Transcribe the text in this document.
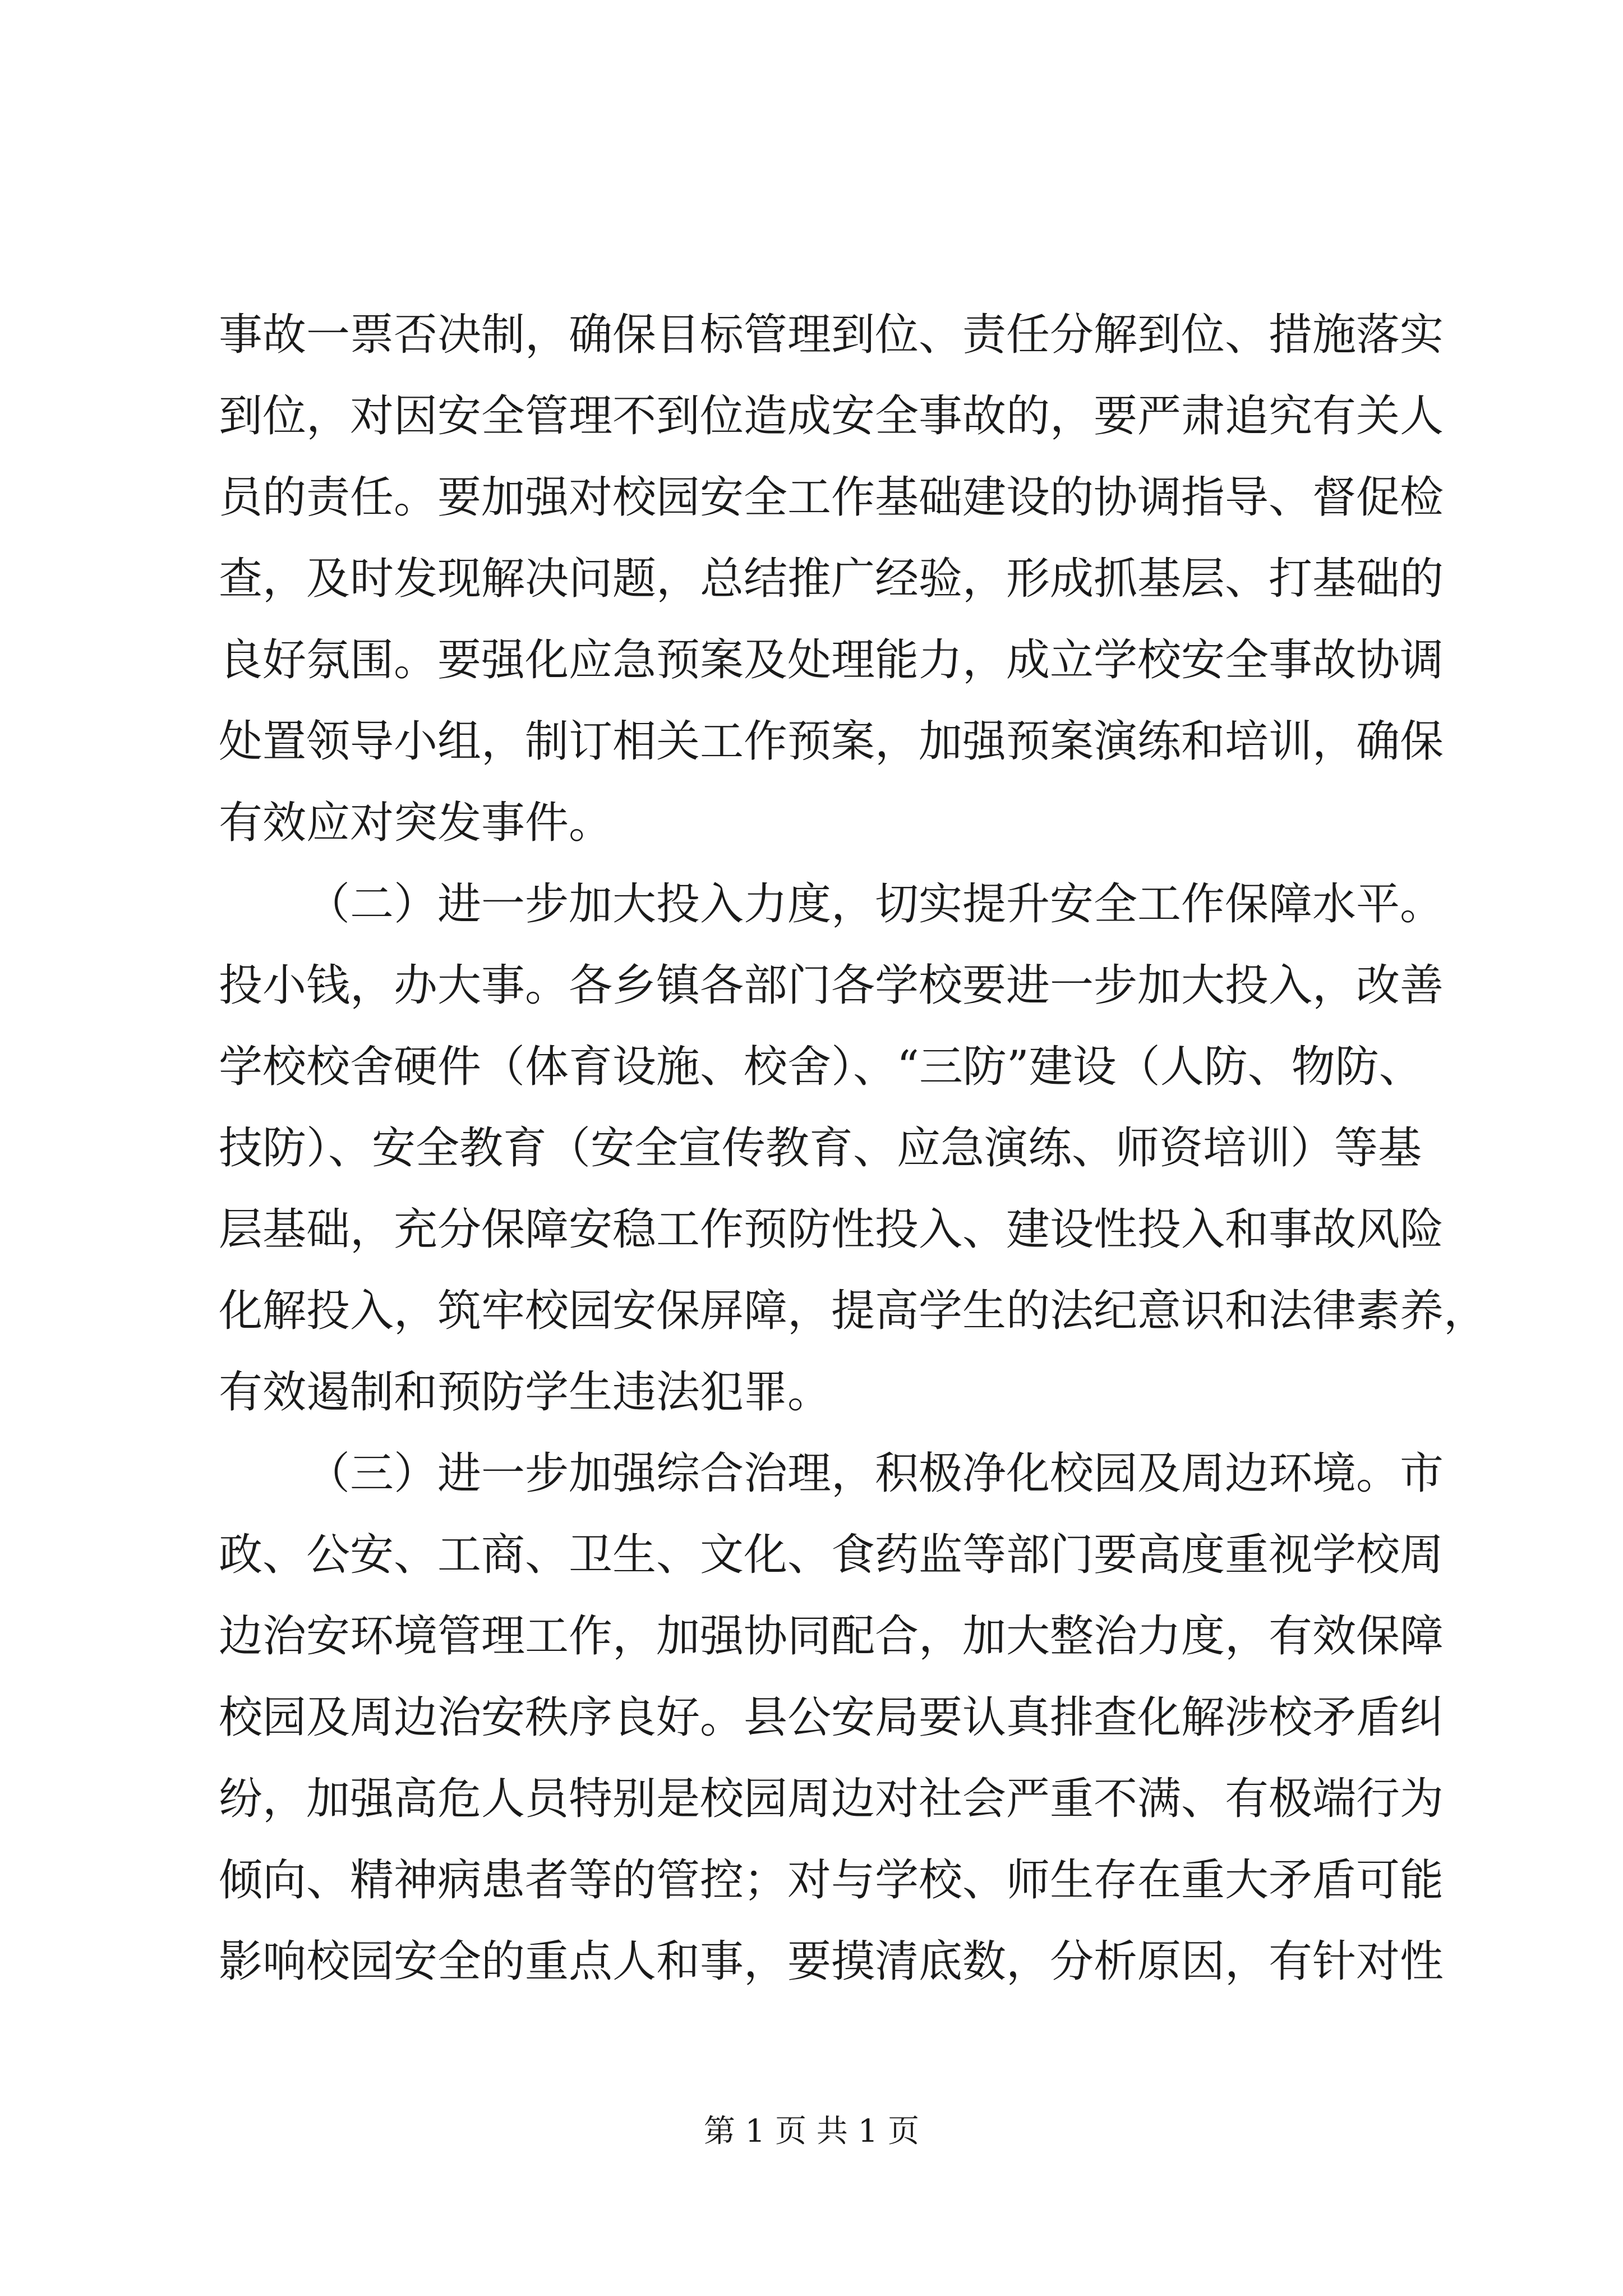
事故一票否决制，确保目标管理到位、责任分解到位、措施落实
到位，对因安全管理不到位造成安全事故的，要严肃追究有关人
员的责任。要加强对校园安全工作基础建设的协调指导、督促检
查，及时发现解决问题，总结推广经验，形成抓基层、打基础的
良好氛围。要强化应急预案及处理能力，成立学校安全事故协调
处置领导小组，制订相关工作预案，加强预案演练和培训，确保
有效应对突发事件。
（二）进一步加大投入力度，切实提升安全工作保障水平。
投小钱，办大事。各乡镇各部门各学校要进一步加大投入，改善
学校校舍硬件（体育设施、校舍）、“三防”建设（人防、物防、
技防）、安全教育（安全宣传教育、应急演练、师资培训）等基
层基础，充分保障安稳工作预防性投入、建设性投入和事故风险
化解投入，筑牢校园安保屏障，提高学生的法纪意识和法律素养，
有效遏制和预防学生违法犯罪。
（三）进一步加强综合治理，积极净化校园及周边环境。市
政、公安、工商、卫生、文化、食药监等部门要高度重视学校周
边治安环境管理工作，加强协同配合，加大整治力度，有效保障
校园及周边治安秩序良好。县公安局要认真排查化解涉校矛盾纠
纷，加强高危人员特别是校园周边对社会严重不满、有极端行为
倾向、精神病患者等的管控；对与学校、师生存在重大矛盾可能
影响校园安全的重点人和事，要摸清底数，分析原因，有针对性
第 1 页 共 1 页
